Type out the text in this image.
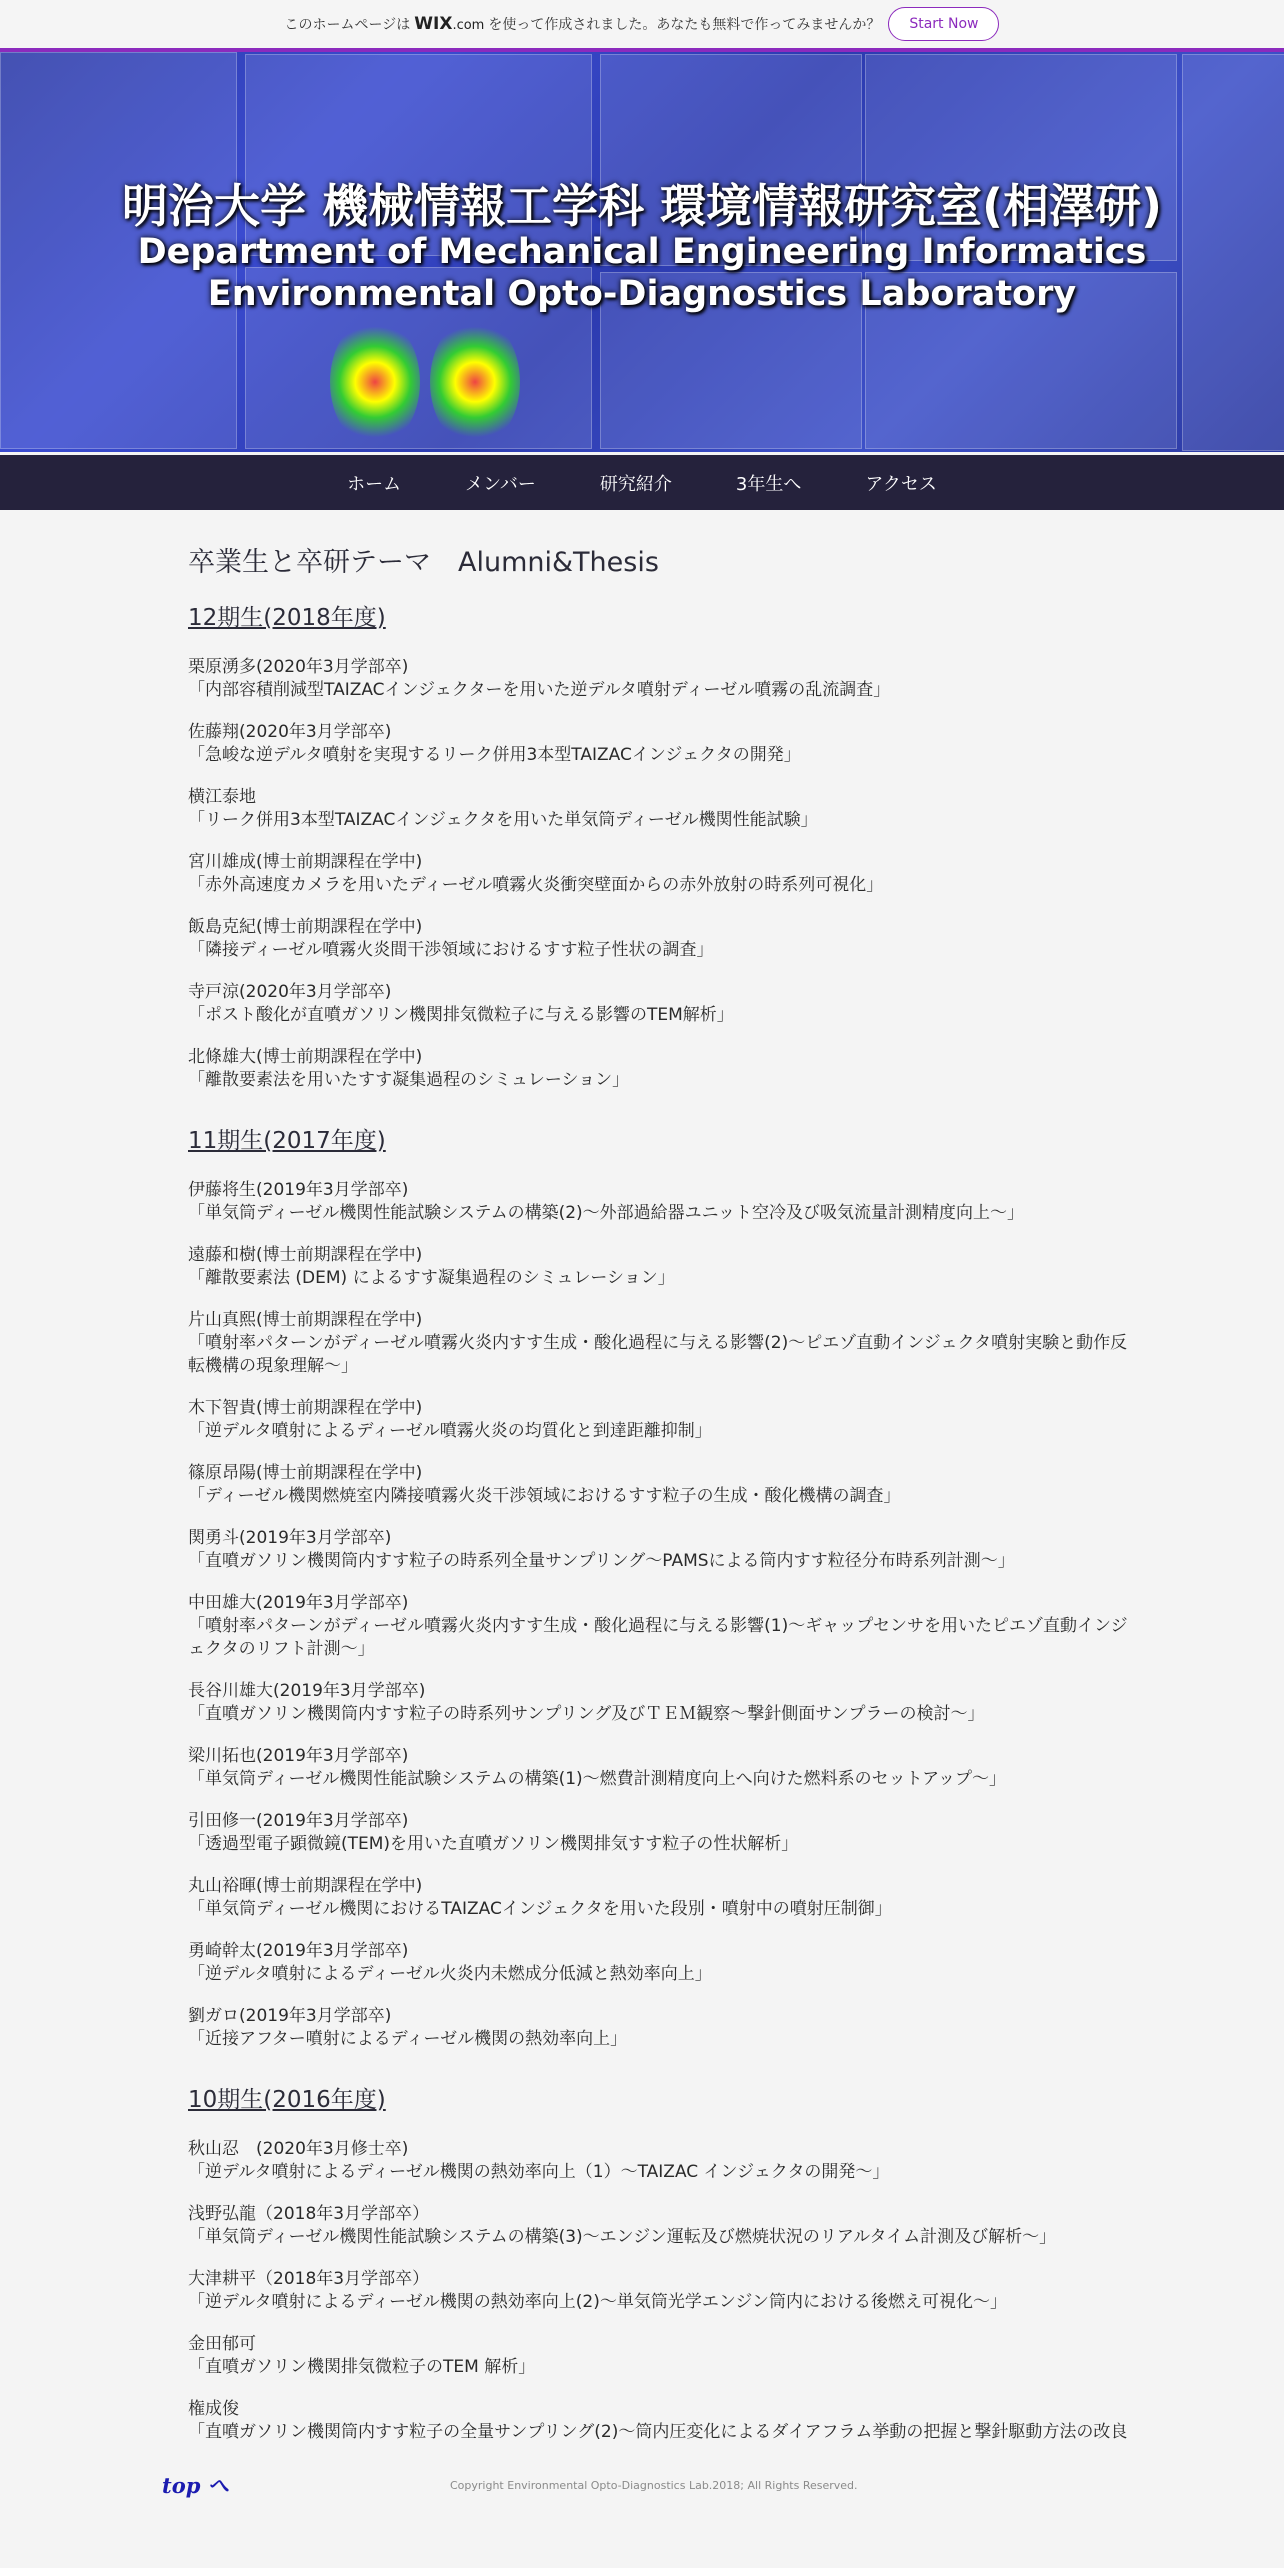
このホームページは WIX.com を使って作成されました。あなたも無料で作ってみませんか？	Start Now
明治大学 機械情報工学科 環境情報研究室(相澤研)
Department of Mechanical Engineering Informatics
Environmental Opto-Diagnostics Laboratory
ホーム	メンバー	研究紹介	3年生へ	アクセス
卒業生と卒研テーマ　Alumni&Thesis
12期生(2018年度)
栗原湧多(2020年3月学部卒)
「内部容積削減型TAIZACインジェクターを用いた逆デルタ噴射ディーゼル噴霧の乱流調査」
佐藤翔(2020年3月学部卒)
「急峻な逆デルタ噴射を実現するリーク併用3本型TAIZACインジェクタの開発」
横江泰地
「リーク併用3本型TAIZACインジェクタを用いた単気筒ディーゼル機関性能試験」
宮川雄成(博士前期課程在学中)
「赤外高速度カメラを用いたディーゼル噴霧火炎衝突壁面からの赤外放射の時系列可視化」
飯島克紀(博士前期課程在学中)
「隣接ディーゼル噴霧火炎間干渉領域におけるすす粒子性状の調査」
寺戸涼(2020年3月学部卒)
「ポスト酸化が直噴ガソリン機関排気微粒子に与える影響のTEM解析」
北條雄大(博士前期課程在学中)
「離散要素法を用いたすす凝集過程のシミュレーション」
11期生(2017年度)
伊藤将生(2019年3月学部卒)
「単気筒ディーゼル機関性能試験システムの構築(2)～外部過給器ユニット空冷及び吸気流量計測精度向上～」
遠藤和樹(博士前期課程在学中)
「離散要素法 (DEM) によるすす凝集過程のシミュレーション」
片山真熙(博士前期課程在学中)
「噴射率パターンがディーゼル噴霧火炎内すす生成・酸化過程に与える影響(2)～ピエゾ直動インジェクタ噴射実験と動作反転機構の現象理解～」
木下智貴(博士前期課程在学中)
「逆デルタ噴射によるディーゼル噴霧火炎の均質化と到達距離抑制」
篠原昂陽(博士前期課程在学中)
「ディーゼル機関燃焼室内隣接噴霧火炎干渉領域におけるすす粒子の生成・酸化機構の調査」
関勇斗(2019年3月学部卒)
「直噴ガソリン機関筒内すす粒子の時系列全量サンプリング～PAMSによる筒内すす粒径分布時系列計測～」
中田雄大(2019年3月学部卒)
「噴射率パターンがディーゼル噴霧火炎内すす生成・酸化過程に与える影響(1)～ギャップセンサを用いたピエゾ直動インジェクタのリフト計測～」
長谷川雄大(2019年3月学部卒)
「直噴ガソリン機関筒内すす粒子の時系列サンプリング及びＴＥＭ観察～撃針側面サンプラーの検討～」
梁川拓也(2019年3月学部卒)
「単気筒ディーゼル機関性能試験システムの構築(1)～燃費計測精度向上へ向けた燃料系のセットアップ～」
引田修一(2019年3月学部卒)
「透過型電子顕微鏡(TEM)を用いた直噴ガソリン機関排気すす粒子の性状解析」
丸山裕暉(博士前期課程在学中)
「単気筒ディーゼル機関におけるTAIZACインジェクタを用いた段別・噴射中の噴射圧制御」
勇崎幹太(2019年3月学部卒)
「逆デルタ噴射によるディーゼル火炎内未燃成分低減と熱効率向上」
劉ガロ(2019年3月学部卒)
「近接アフター噴射によるディーゼル機関の熱効率向上」
10期生(2016年度)
秋山忍　(2020年3月修士卒)
「逆デルタ噴射によるディーゼル機関の熱効率向上（1）～TAIZAC インジェクタの開発～」
浅野弘龍（2018年3月学部卒）
「単気筒ディーゼル機関性能試験システムの構築(3)～エンジン運転及び燃焼状況のリアルタイム計測及び解析～」
大津耕平（2018年3月学部卒）
「逆デルタ噴射によるディーゼル機関の熱効率向上(2)～単気筒光学エンジン筒内における後燃え可視化～」
金田郁可
「直噴ガソリン機関排気微粒子のTEM 解析」
権成俊
「直噴ガソリン機関筒内すす粒子の全量サンプリング(2)～筒内圧変化によるダイアフラム挙動の把握と撃針駆動方法の改良
top へ	Copyright Environmental Opto-Diagnostics Lab.2018; All Rights Reserved.
